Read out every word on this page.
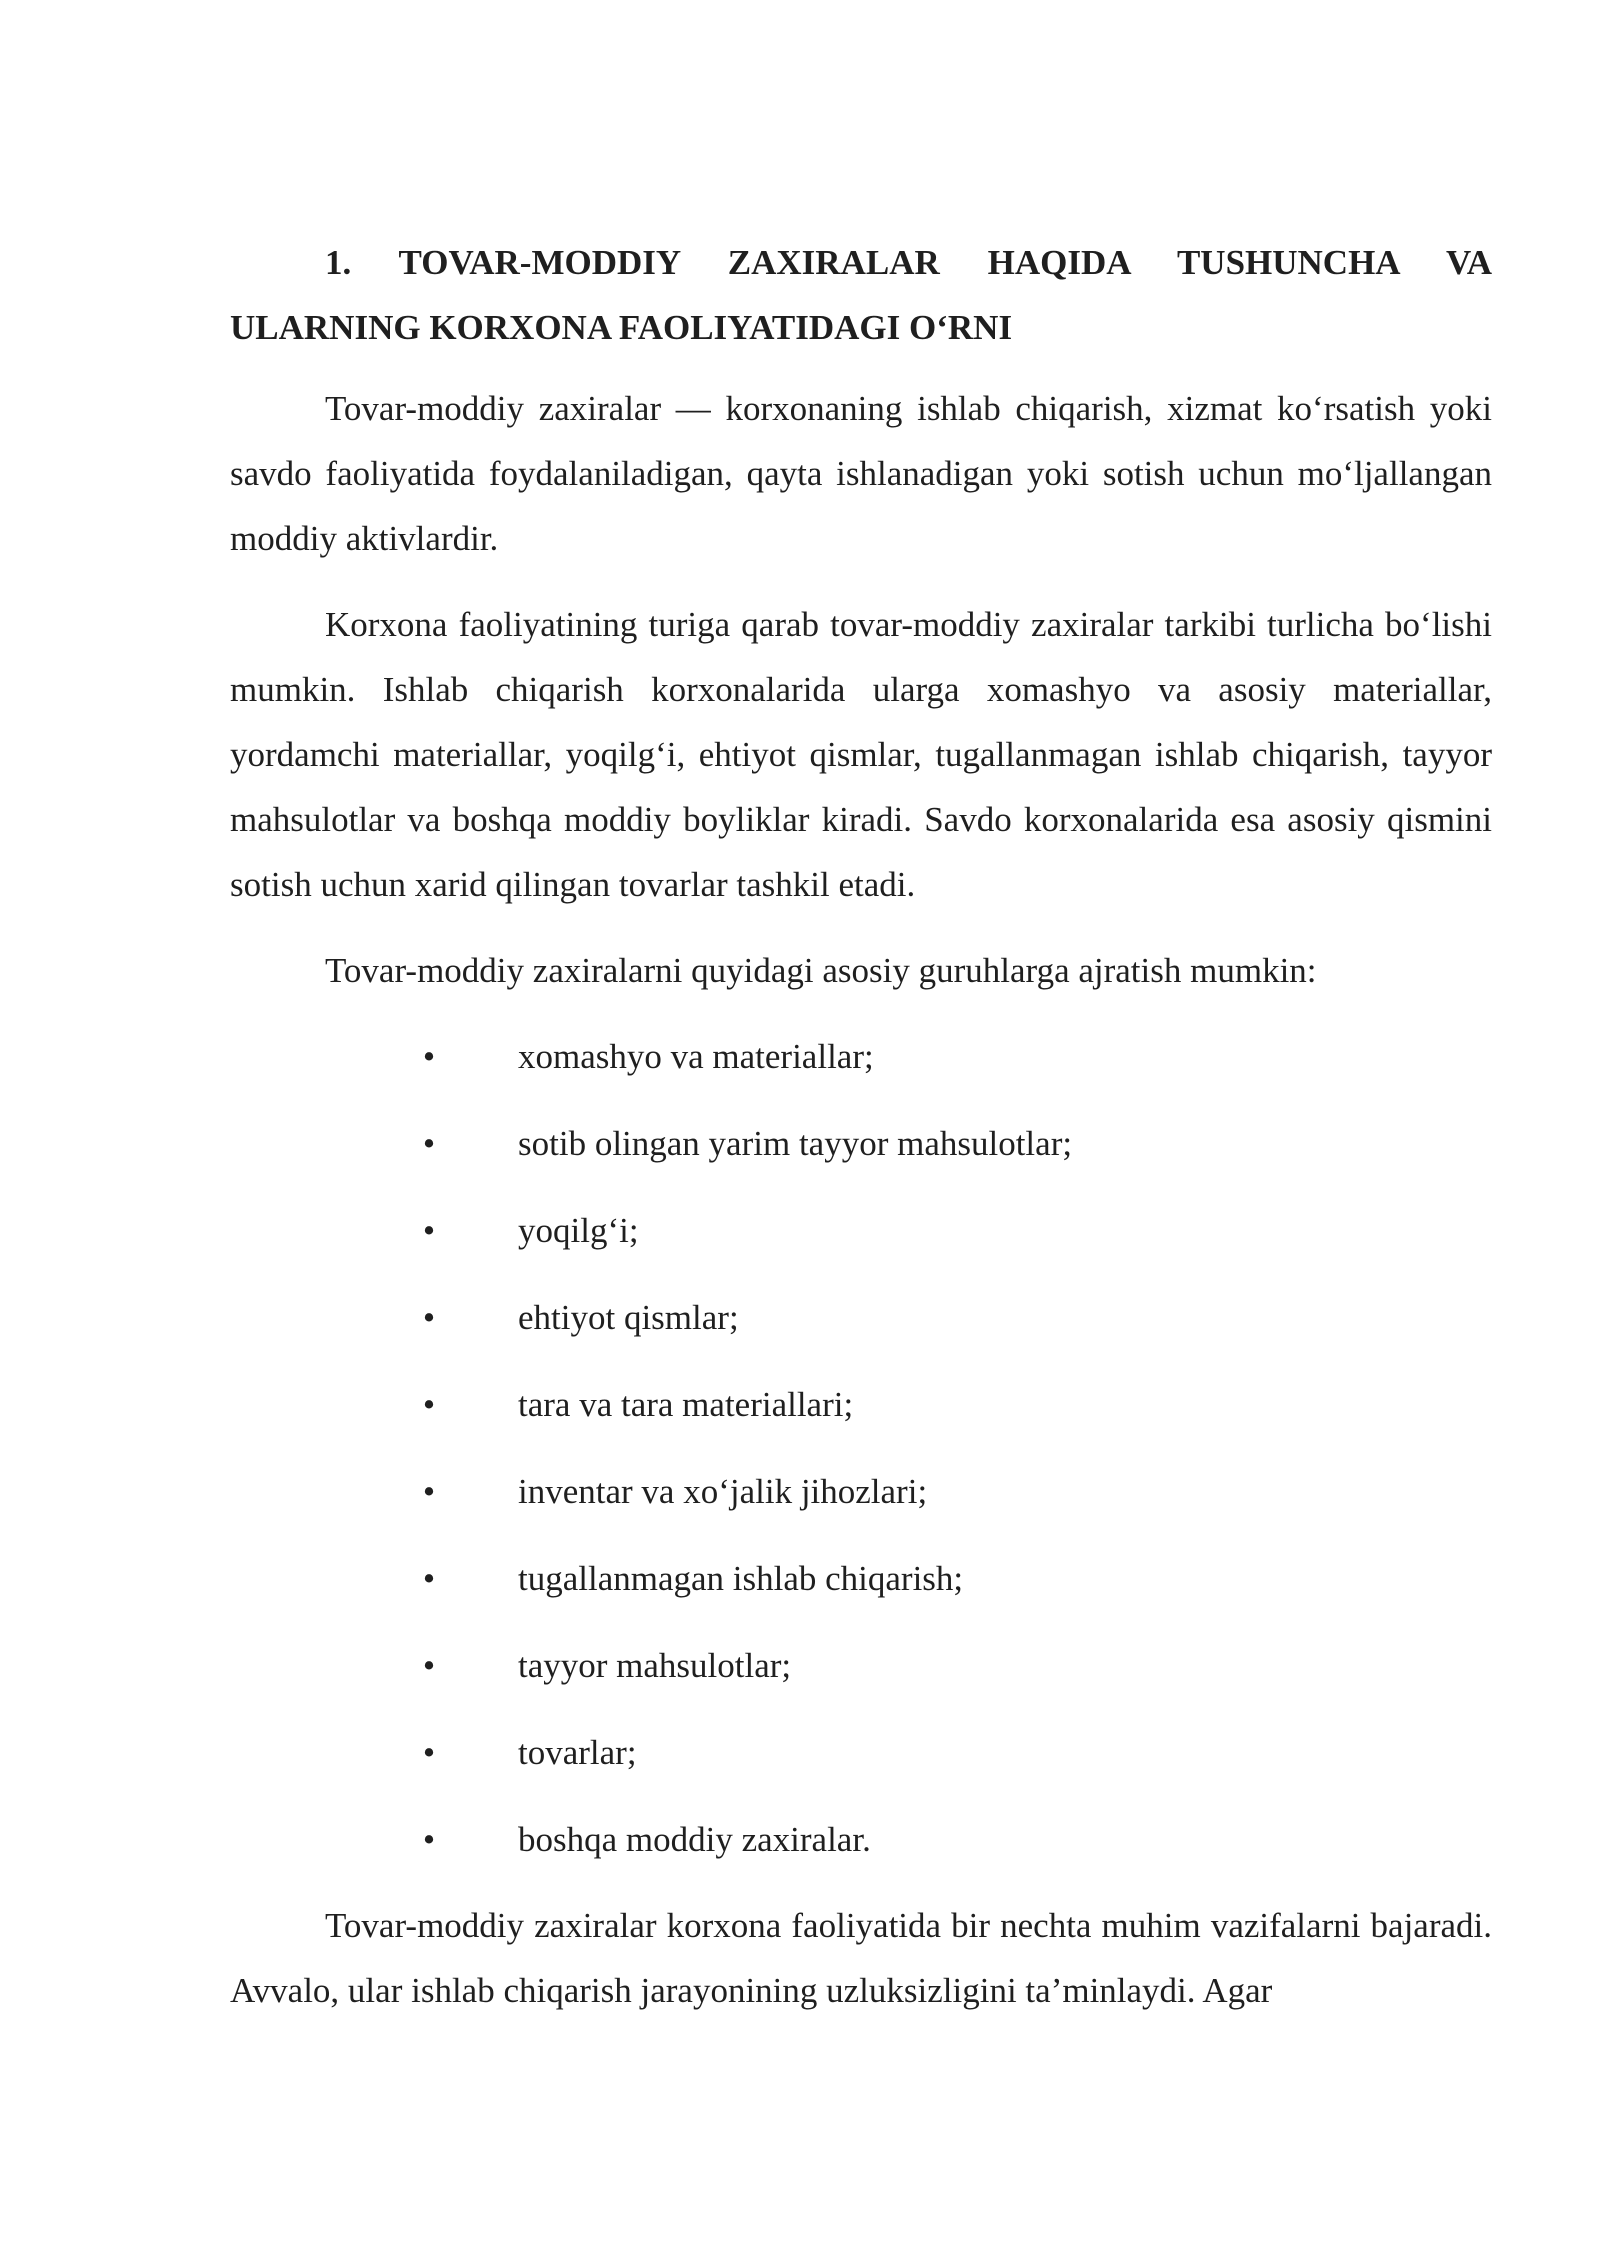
1. TOVAR-MODDIY ZAXIRALAR HAQIDA TUSHUNCHA VA ULARNING KORXONA FAOLIYATIDAGI O‘RNI

Tovar-moddiy zaxiralar — korxonaning ishlab chiqarish, xizmat ko‘rsatish yoki savdo faoliyatida foydalaniladigan, qayta ishlanadigan yoki sotish uchun mo‘ljallangan moddiy aktivlardir.

Korxona faoliyatining turiga qarab tovar-moddiy zaxiralar tarkibi turlicha bo‘lishi mumkin. Ishlab chiqarish korxonalarida ularga xomashyo va asosiy materiallar, yordamchi materiallar, yoqilg‘i, ehtiyot qismlar, tugallanmagan ishlab chiqarish, tayyor mahsulotlar va boshqa moddiy boyliklar kiradi. Savdo korxonalarida esa asosiy qismini sotish uchun xarid qilingan tovarlar tashkil etadi.

Tovar-moddiy zaxiralarni quyidagi asosiy guruhlarga ajratish mumkin:

• xomashyo va materiallar;
• sotib olingan yarim tayyor mahsulotlar;
• yoqilg‘i;
• ehtiyot qismlar;
• tara va tara materiallari;
• inventar va xo‘jalik jihozlari;
• tugallanmagan ishlab chiqarish;
• tayyor mahsulotlar;
• tovarlar;
• boshqa moddiy zaxiralar.

Tovar-moddiy zaxiralar korxona faoliyatida bir nechta muhim vazifalarni bajaradi. Avvalo, ular ishlab chiqarish jarayonining uzluksizligini ta’minlaydi. Agar
